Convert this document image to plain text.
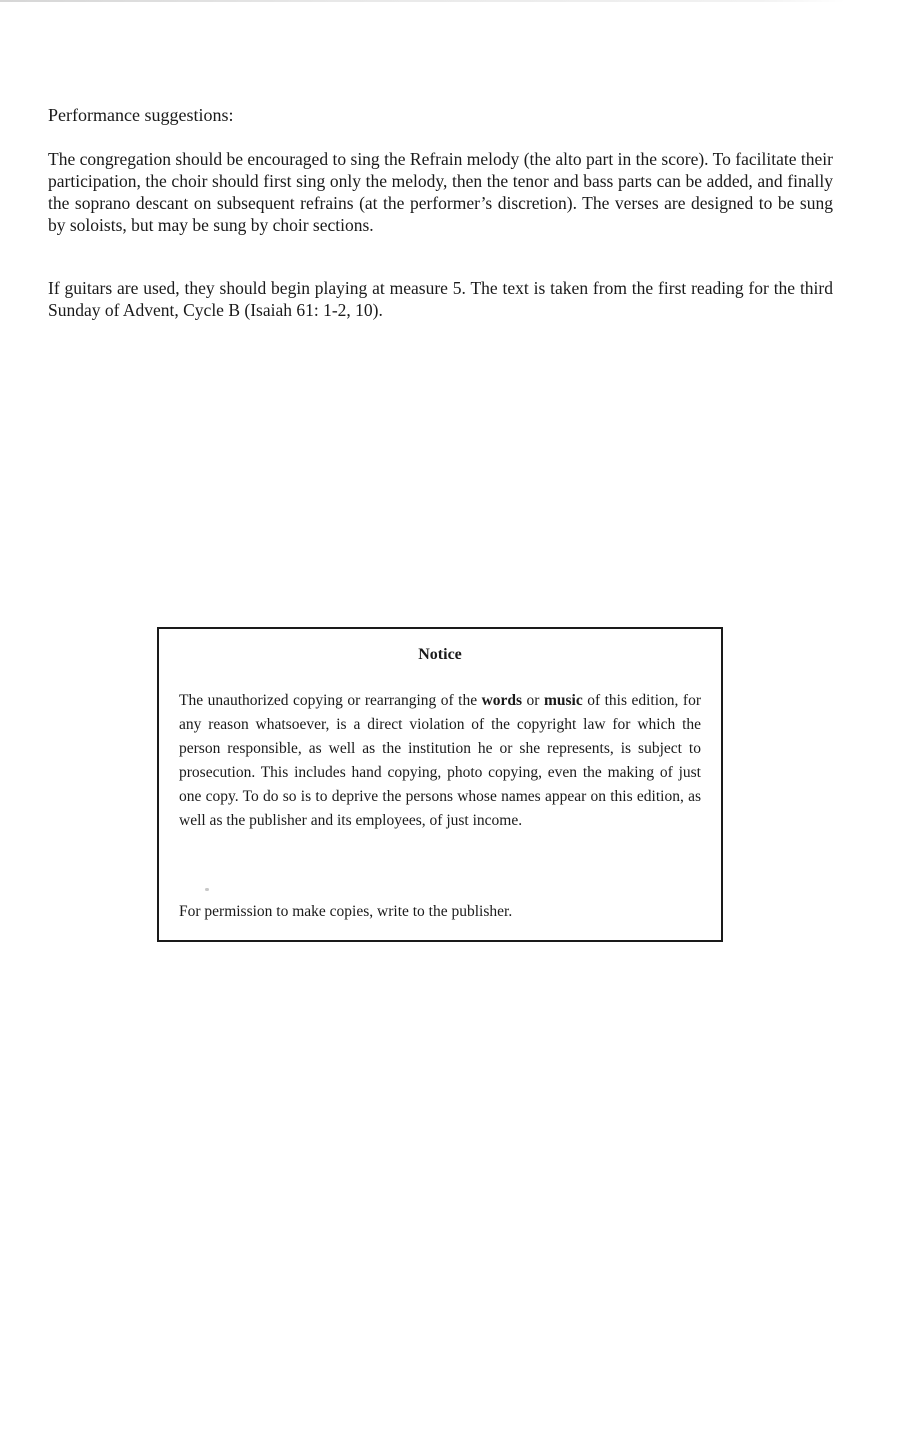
Performance suggestions:

The congregation should be encouraged to sing the Refrain melody (the alto part in the score). To facilitate their participation, the choir should first sing only the melody, then the tenor and bass parts can be added, and finally the soprano descant on subsequent refrains (at the performer’s discretion). The verses are designed to be sung by soloists, but may be sung by choir sections.

If guitars are used, they should begin playing at measure 5. The text is taken from the first reading for the third Sunday of Advent, Cycle B (Isaiah 61: 1-2, 10).

Notice

The unauthorized copying or rearranging of the words or music of this edition, for any reason whatsoever, is a direct violation of the copyright law for which the person responsible, as well as the institution he or she represents, is subject to prosecution. This includes hand copying, photo copying, even the making of just one copy. To do so is to deprive the persons whose names appear on this edition, as well as the publisher and its employees, of just income.

For permission to make copies, write to the publisher.
